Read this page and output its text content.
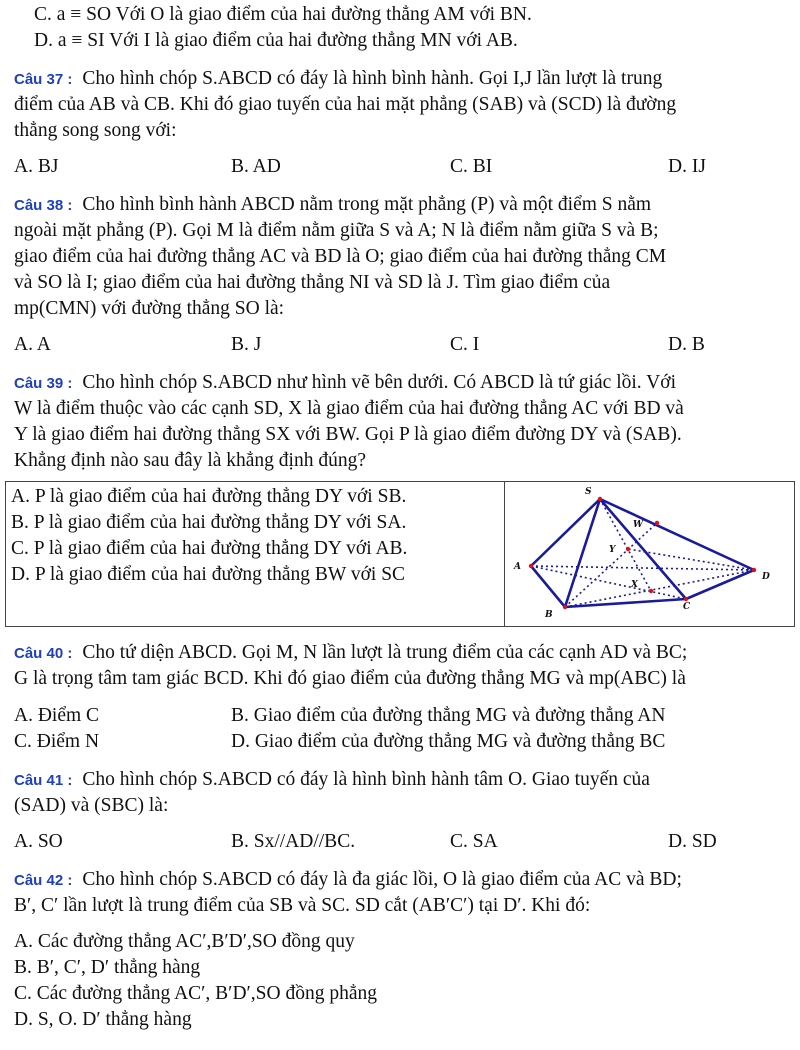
C. a ≡ SO Với O là giao điểm của hai đường thẳng AM với BN.
D. a ≡ SI Với I là giao điểm của hai đường thẳng MN với AB.
Câu 37 : Cho hình chóp S.ABCD có đáy là hình bình hành. Gọi I,J lần lượt là trung
điểm của AB và CB. Khi đó giao tuyến của hai mặt phẳng (SAB) và (SCD) là đường
thẳng song song với:
A. BJ	B. AD	C. BI	D. IJ
Câu 38 : Cho hình bình hành ABCD nằm trong mặt phẳng (P) và một điểm S nằm
ngoài mặt phẳng (P). Gọi M là điểm nằm giữa S và A; N là điểm nằm giữa S và B;
giao điểm của hai đường thẳng AC và BD là O; giao điểm của hai đường thẳng CM
và SO là I; giao điểm của hai đường thẳng NI và SD là J. Tìm giao điểm của
mp(CMN) với đường thẳng SO là:
A. A	B. J	C. I	D. B
Câu 39 : Cho hình chóp S.ABCD như hình vẽ bên dưới. Có ABCD là tứ giác lồi. Với
W là điểm thuộc vào các cạnh SD, X là giao điểm của hai đường thẳng AC với BD và
Y là giao điểm hai đường thẳng SX với BW. Gọi P là giao điểm đường DY và (SAB).
Khẳng định nào sau đây là khẳng định đúng?
A. P là giao điểm của hai đường thẳng DY với SB.
B. P là giao điểm của hai đường thẳng DY với SA.
C. P là giao điểm của hai đường thẳng DY với AB.
D. P là giao điểm của hai đường thẳng BW với SC
S
W
Y
A
D
X
C
B
Câu 40 : Cho tứ diện ABCD. Gọi M, N lần lượt là trung điểm của các cạnh AD và BC;
G là trọng tâm tam giác BCD. Khi đó giao điểm của đường thẳng MG và mp(ABC) là
A. Điểm C	B. Giao điểm của đường thẳng MG và đường thẳng AN
C. Điểm N	D. Giao điểm của đường thẳng MG và đường thẳng BC
Câu 41 : Cho hình chóp S.ABCD có đáy là hình bình hành tâm O. Giao tuyến của
(SAD) và (SBC) là:
A. SO	B. Sx//AD//BC.	C. SA	D. SD
Câu 42 : Cho hình chóp S.ABCD có đáy là đa giác lồi, O là giao điểm của AC và BD;
B′, C′ lần lượt là trung điểm của SB và SC. SD cắt (AB′C′) tại D′. Khi đó:
A. Các đường thẳng AC′,B′D′,SO đồng quy
B. B′, C′, D′ thẳng hàng
C. Các đường thẳng AC′, B′D′,SO đồng phẳng
D. S, O. D′ thẳng hàng
